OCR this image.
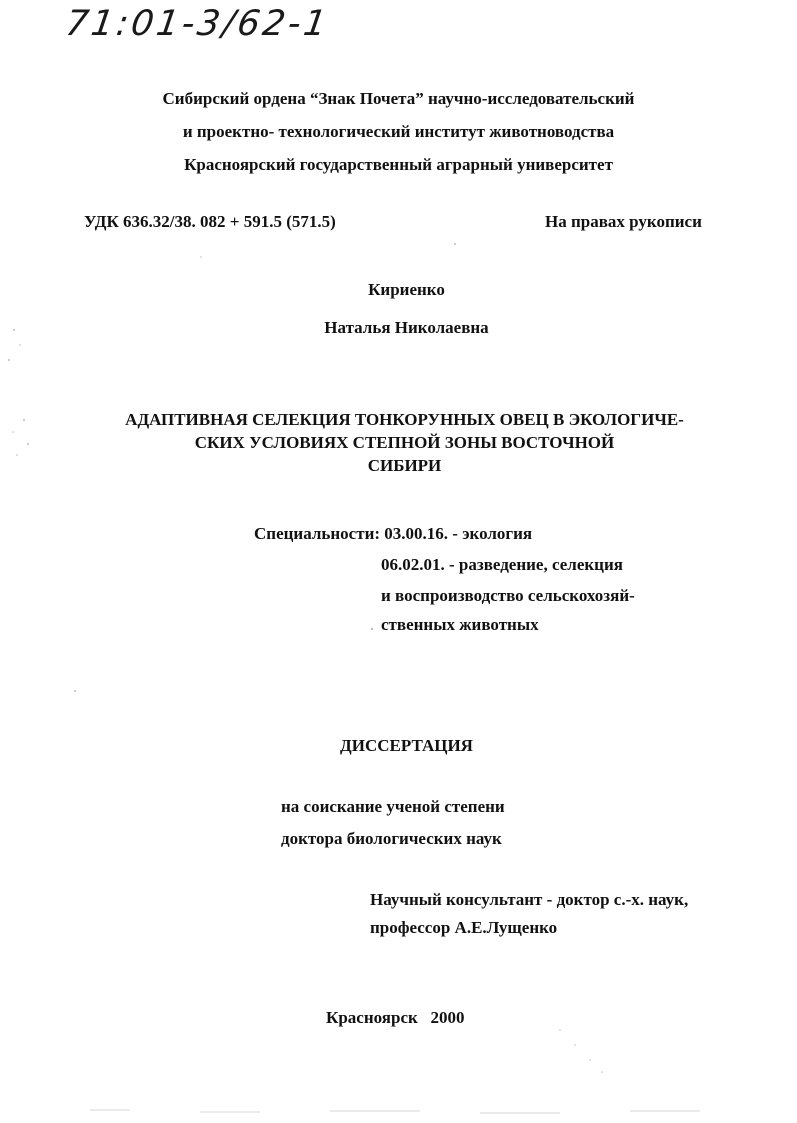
71:01-3/62-1
Сибирский ордена “Знак Почета” научно-исследовательский
и проектно- технологический институт животноводства
Красноярский государственный аграрный университет
УДК 636.32/38. 082 + 591.5 (571.5)	На правах рукописи
Кириенко
Наталья Николаевна
АДАПТИВНАЯ СЕЛЕКЦИЯ ТОНКОРУННЫХ ОВЕЦ В ЭКОЛОГИЧЕ-
СКИХ УСЛОВИЯХ СТЕПНОЙ ЗОНЫ ВОСТОЧНОЙ
СИБИРИ
Специальности: 03.00.16. - экология
06.02.01. - разведение, селекция
и воспроизводство сельскохозяй-
ственных животных
ДИССЕРТАЦИЯ
на соискание ученой степени
доктора биологических наук
Научный консультант - доктор с.-х. наук,
профессор А.Е.Лущенко
Красноярск   2000
